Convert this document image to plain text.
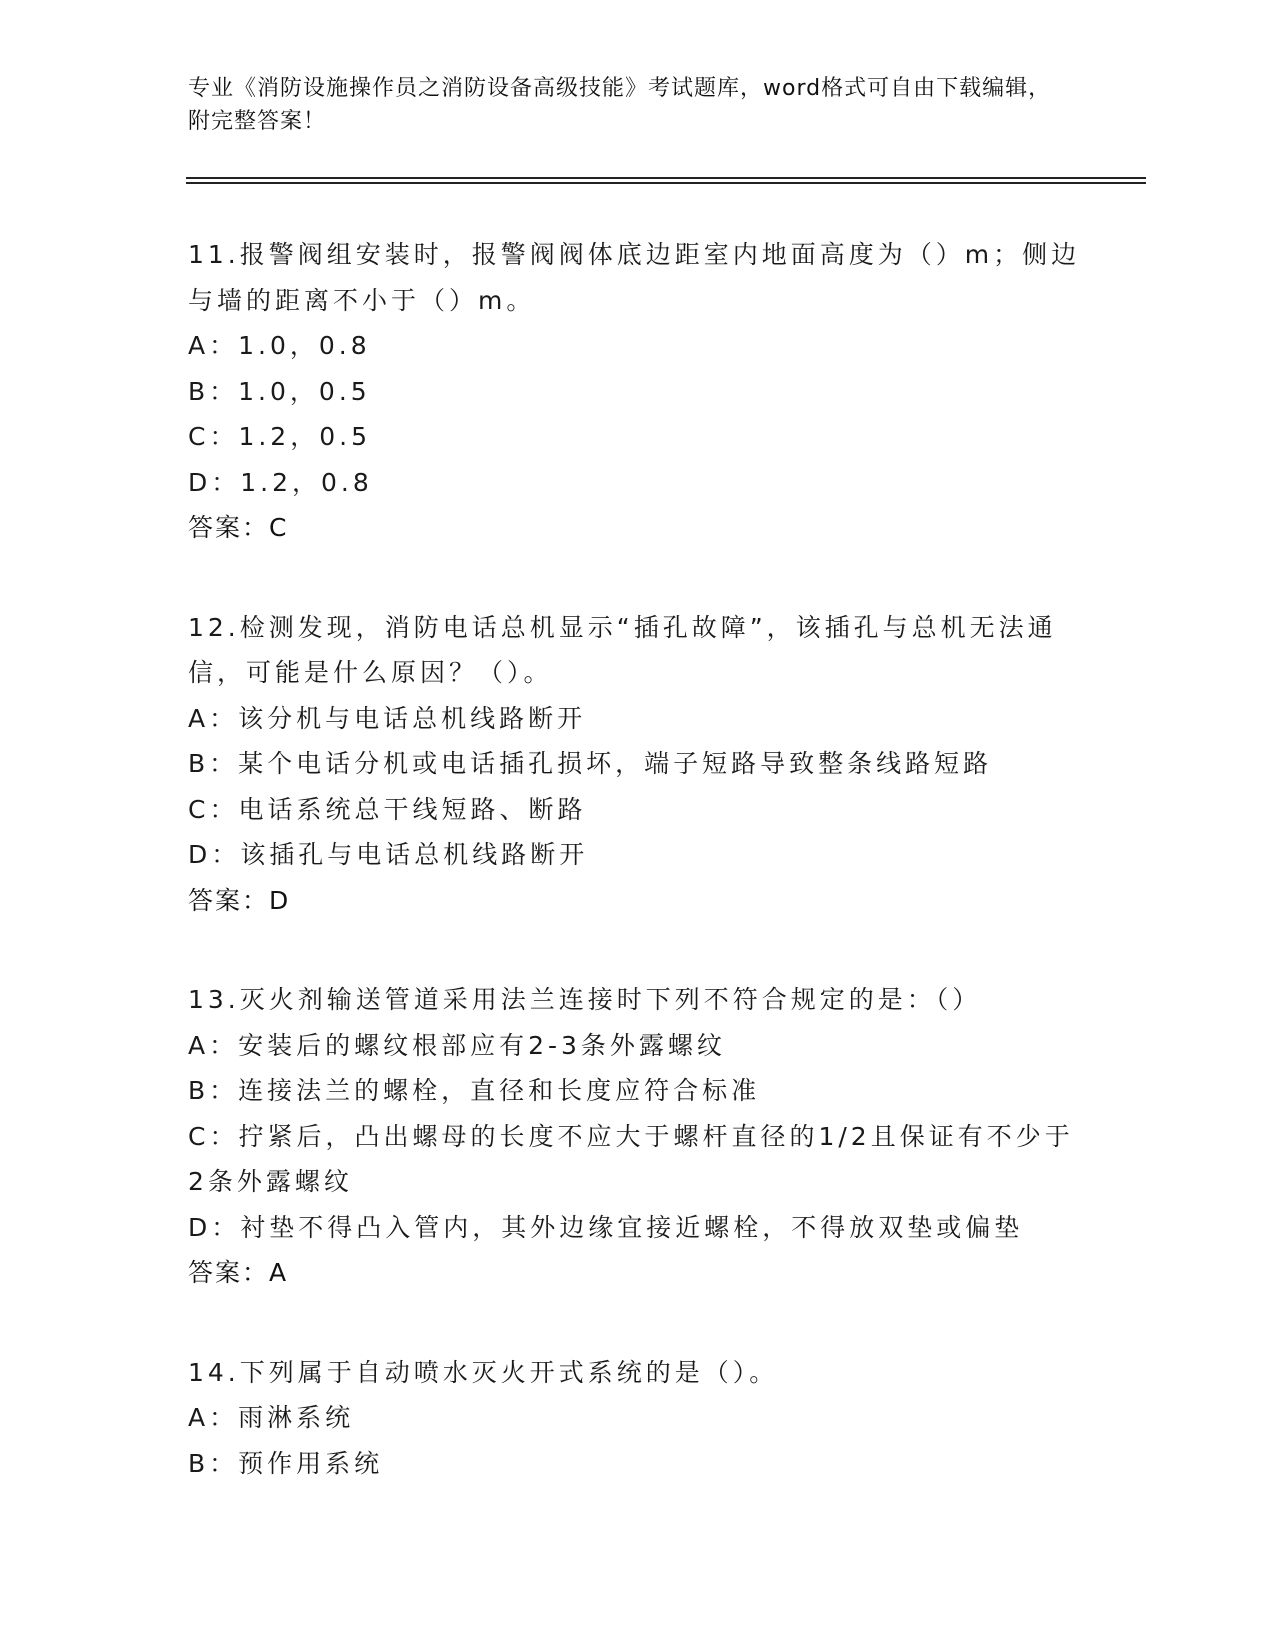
专业《消防设施操作员之消防设备高级技能》考试题库，word格式可自由下载编辑，附完整答案！
11.报警阀组安装时，报警阀阀体底边距室内地面高度为（）m；侧边与墙的距离不小于（）m。
A：1.0，0.8
B：1.0，0.5
C：1.2，0.5
D：1.2，0.8
答案：C
12.检测发现，消防电话总机显示“插孔故障”，该插孔与总机无法通信，可能是什么原因？（）。
A：该分机与电话总机线路断开
B：某个电话分机或电话插孔损坏，端子短路导致整条线路短路
C：电话系统总干线短路、断路
D：该插孔与电话总机线路断开
答案：D
13.灭火剂输送管道采用法兰连接时下列不符合规定的是：（）
A：安装后的螺纹根部应有2-3条外露螺纹
B：连接法兰的螺栓，直径和长度应符合标准
C：拧紧后，凸出螺母的长度不应大于螺杆直径的1/2且保证有不少于2条外露螺纹
D：衬垫不得凸入管内，其外边缘宜接近螺栓，不得放双垫或偏垫
答案：A
14.下列属于自动喷水灭火开式系统的是（）。
A：雨淋系统
B：预作用系统
